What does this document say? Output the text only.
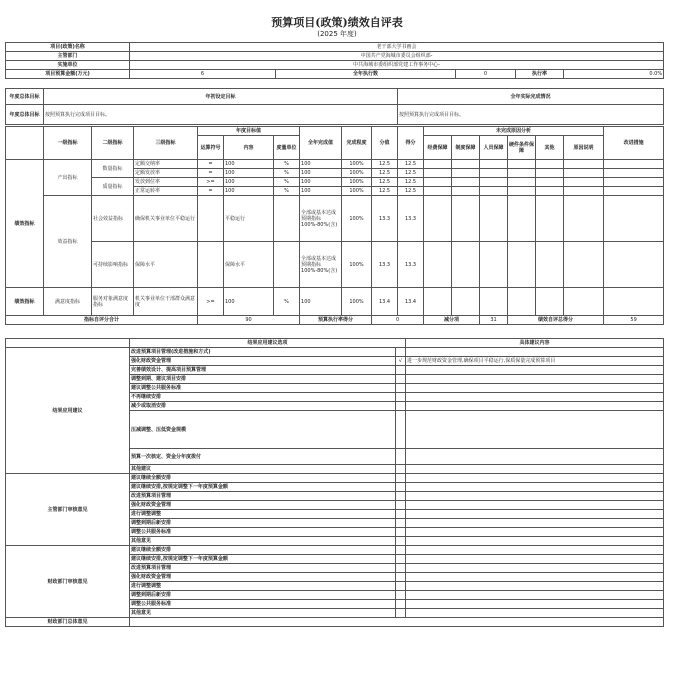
预算项目(政策)绩效自评表
(2025 年度)
项目(政策)名称	老干部大学书画会				
主管部门	中国共产党海城市委员会组织部-				
实施单位	中共海城市委组织部党建工作事务中心-				
项目预算金额(万元)	6	全年执行数	0	执行率	0.0%
年度总体目标	年初设定目标	全年实际完成情况
年度总体目标	按照预算执行完成项目目标。	按照预算执行完成项目目标。
	一级指标	二级指标	三级指标	年度目标值			全年完成值	完成程度	分值	得分	未完成原因分析						改进措施
				运算符号	内容	度量单位					经费保障	制度保障	人员保障	硬件条件保障	其他	原因说明	
绩效指标	产出指标	数量指标	定额交纳率	=	100	%	100	100%	12.5	12.5							
			定额发放率	=	100	%	100	100%	12.5	12.5							
		质量指标	发放到位率	>=	100	%	100	100%	12.5	12.5							
			正常运转率	=	100	%	100	100%	12.5	12.5							
	效益指标	社会效益指标	确保机关事业单位平稳运行		平稳运行		全部或基本达成预期指标100%-80%(含)	100%	13.3	13.3							
		可持续影响指标	保障水平		保障水平		全部或基本达成预期指标100%-80%(含)	100%	13.3	13.3							
绩效指标	满意度指标	服务对象满意度指标	机关事业单位干部群众满意度	>=	100	%	100	100%	13.4	13.4							
指标自评分合计				90			预算执行率得分		0		减分项		31	绩效自评总得分			59
	结果应用建议选项		具体建议内容
结果应用建议	改进预算项目管理(改进措施和方式)		
	强化财政资金管理	√	进一步规范财政资金管理,确保项目平稳运行,保质保量完成预算项目
	完善绩效设计、提高项目预算管理		
	调整到期、建议项目安排		
	建议调整公共服务标准		
	不再继续安排		
	减少或取消安排		
	压减调整、压低资金规模		
	预算一次核定、资金分年度拨付		
	其他建议		
主管部门审核意见	建议继续全额安排		
	建议继续安排,按规定调整下一年度预算金额		
	改进预算项目管理		
	强化财政资金管理		
	进行调整调整		
	调整到期后新安排		
	调整公共服务标准		
	其他意见		
财政部门审核意见	建议继续全额安排		
	建议继续安排,按规定调整下一年度预算金额		
	改进预算项目管理		
	强化财政资金管理		
	进行调整调整		
	调整到期后新安排		
	调整公共服务标准		
	其他意见		
财政部门总体意见			
